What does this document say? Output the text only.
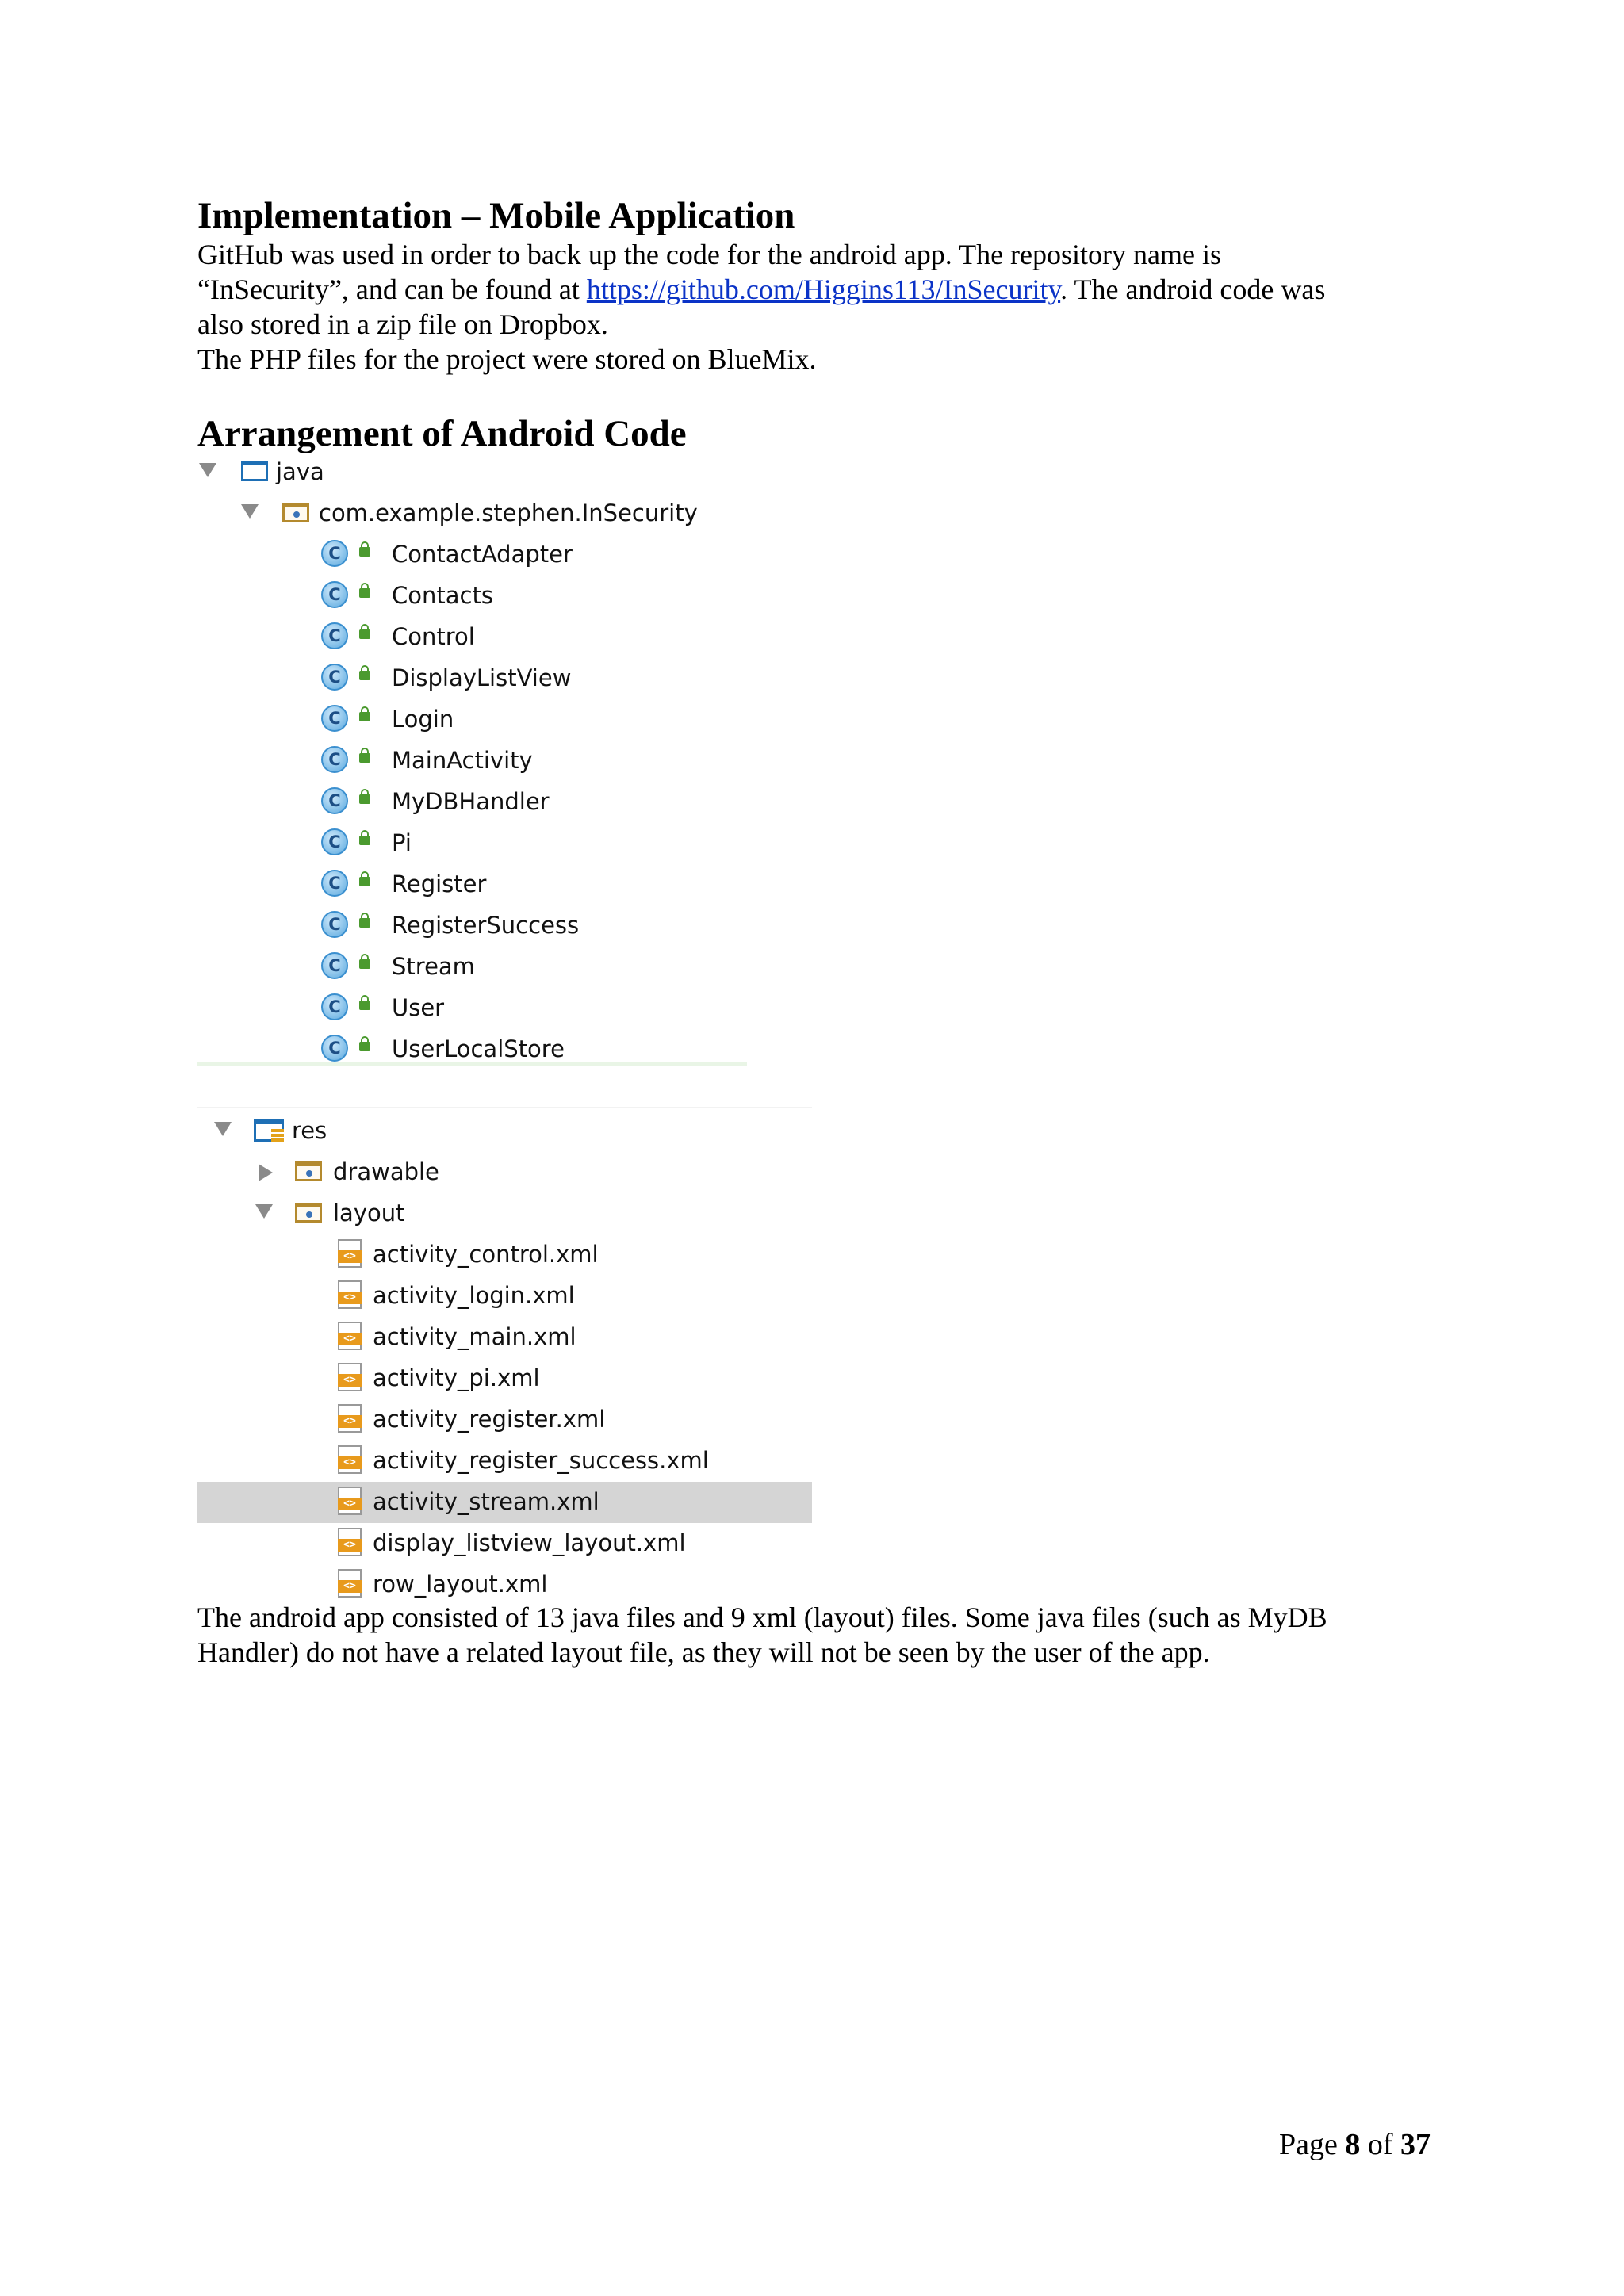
Implementation – Mobile Application

GitHub was used in order to back up the code for the android app. The repository name is

“InSecurity”, and can be found at https://github.com/Higgins113/InSecurity. The android code was

also stored in a zip file on Dropbox.

The PHP files for the project were stored on BlueMix.

Arrangement of Android Code
java
com.example.stephen.InSecurity
C	ContactAdapter
C	Contacts
C	Control
C	DisplayListView
C	Login
C	MainActivity
C	MyDBHandler
C	Pi
C	Register
C	RegisterSuccess
C	Stream
C	User
C	UserLocalStore
res
drawable
layout
<>
activity_control.xml
<>
activity_login.xml
<>
activity_main.xml
<>
activity_pi.xml
<>
activity_register.xml
<>
activity_register_success.xml
<>
activity_stream.xml
<>
display_listview_layout.xml
<>
row_layout.xml

The android app consisted of 13 java files and 9 xml (layout) files. Some java files (such as MyDB

Handler) do not have a related layout file, as they will not be seen by the user of the app.

Page 8 of 37
